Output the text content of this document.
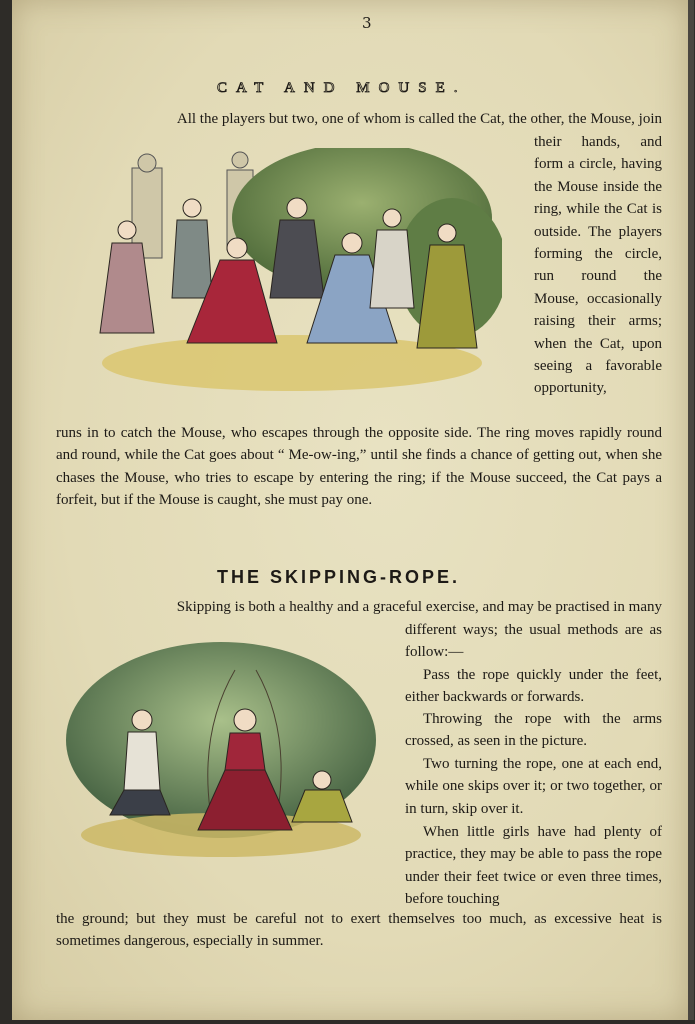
3
CAT AND MOUSE.

All the players but two, one of whom is called the Cat, the other, the Mouse, join

their hands, and form a circle, having the Mouse inside the ring, while the Cat is outside. The players forming the circle, run round the Mouse, occasionally raising their arms; when the Cat, upon seeing a favorable opportunity,

runs in to catch the Mouse, who escapes through the opposite side. The ring moves rapidly round and round, while the Cat goes about “ Me-ow-ing,” until she finds a chance of getting out, when she chases the Mouse, who tries to escape by entering the ring; if the Mouse succeed, the Cat pays a forfeit, but if the Mouse is caught, she must pay one.

THE SKIPPING-ROPE.

Skipping is both a healthy and a graceful exercise, and may be practised in many

different ways; the usual methods are as follow:—

Pass the rope quickly under the feet, either backwards or forwards.

Throwing the rope with the arms crossed, as seen in the picture.

Two turning the rope, one at each end, while one skips over it; or two together, or in turn, skip over it.

When little girls have had plenty of practice, they may be able to pass the rope under their feet twice or even three times, before touching

the ground; but they must be careful not to exert themselves too much, as excessive heat is sometimes dangerous, especially in summer.
